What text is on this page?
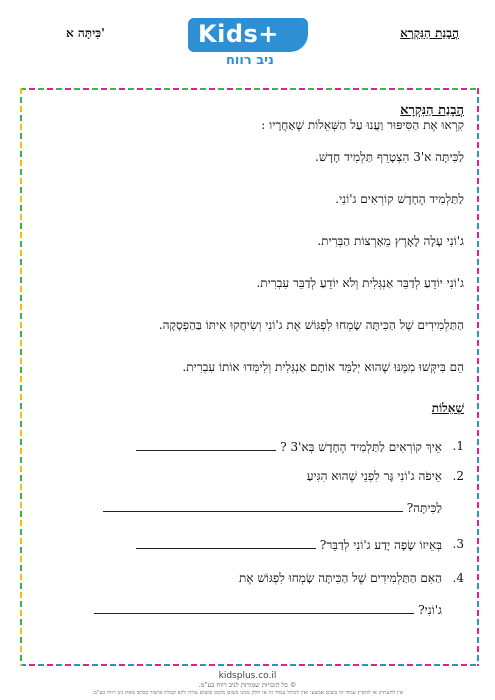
כִּיתָּה א'	הֲבָנַת הַנִּקְרָא
Kids+
ניב רווח

הֲבָנַת הַנִּקְרָא

קִרְאוּ אֶת הַסִּיפּוּר וַעֲנוּ עַל הַשְּׁאֵלוֹת שֶׁאַחֲרָיו :

לַכִּיתָּה א'3 הִצְטָרֵף תַּלְמִיד חָדָשׁ.

לַתַּלְמִיד הֶחָדָשׁ קוֹרְאִים ג'וֹנִי.

ג'וֹנִי עָלָה לָאָרֶץ מֵאַרְצוֹת הַבְּרִית.

ג'וֹנִי יוֹדֵעַ לְדַבֵּר אַנְגְּלִית וְלֹא יוֹדֵעַ לְדַבֵּר עִבְרִית.

הַתַּלְמִידִים שֶׁל הַכִּיתָּה שָׂמְחוּ לִפְגּוֹשׁ אֶת ג'וֹנִי וְשִׂיחֲקוּ אִיתּוֹ בַּהַפְסָקָה.

הֵם בִּיקְּשׁוּ מִמֶּנּוּ שֶׁהוּא יְלַמֵּד אוֹתָם אַנְגְּלִית וְלִימְּדוּ אוֹתוֹ עִבְרִית.

שְׁאֵלוֹת

1.
אֵיךְ קוֹרְאִים לַתַּלְמִיד הֶחָדָשׁ בְּא'3 ?
2.
אֵיפֹה ג'וֹנִי גָּר לִפְנֵי שֶׁהוּא הִגִּיעַ
לַכִּיתָּה?
3.
בְּאֵיזוֹ שָׂפָה יָדַע ג'וֹנִי לְדַבֵּר?
4.
הַאִם הַתַּלְמִידִים שֶׁל הַכִּיתָּה שָׂמְחוּ לִפְגּוֹשׁ אֶת
ג'וֹנִי?
kidsplus.co.il
© כל הזכויות שמורות לניב רווח בע"מ.
אין להעתיק או להפיץ עמוד זה בשום אמצעי ואין לכלול עמוד זה או חלק ממנו בשום מקום ובשום צורה ללא קבלת אישור בכתב מאת ניב רווח בע"מ.
